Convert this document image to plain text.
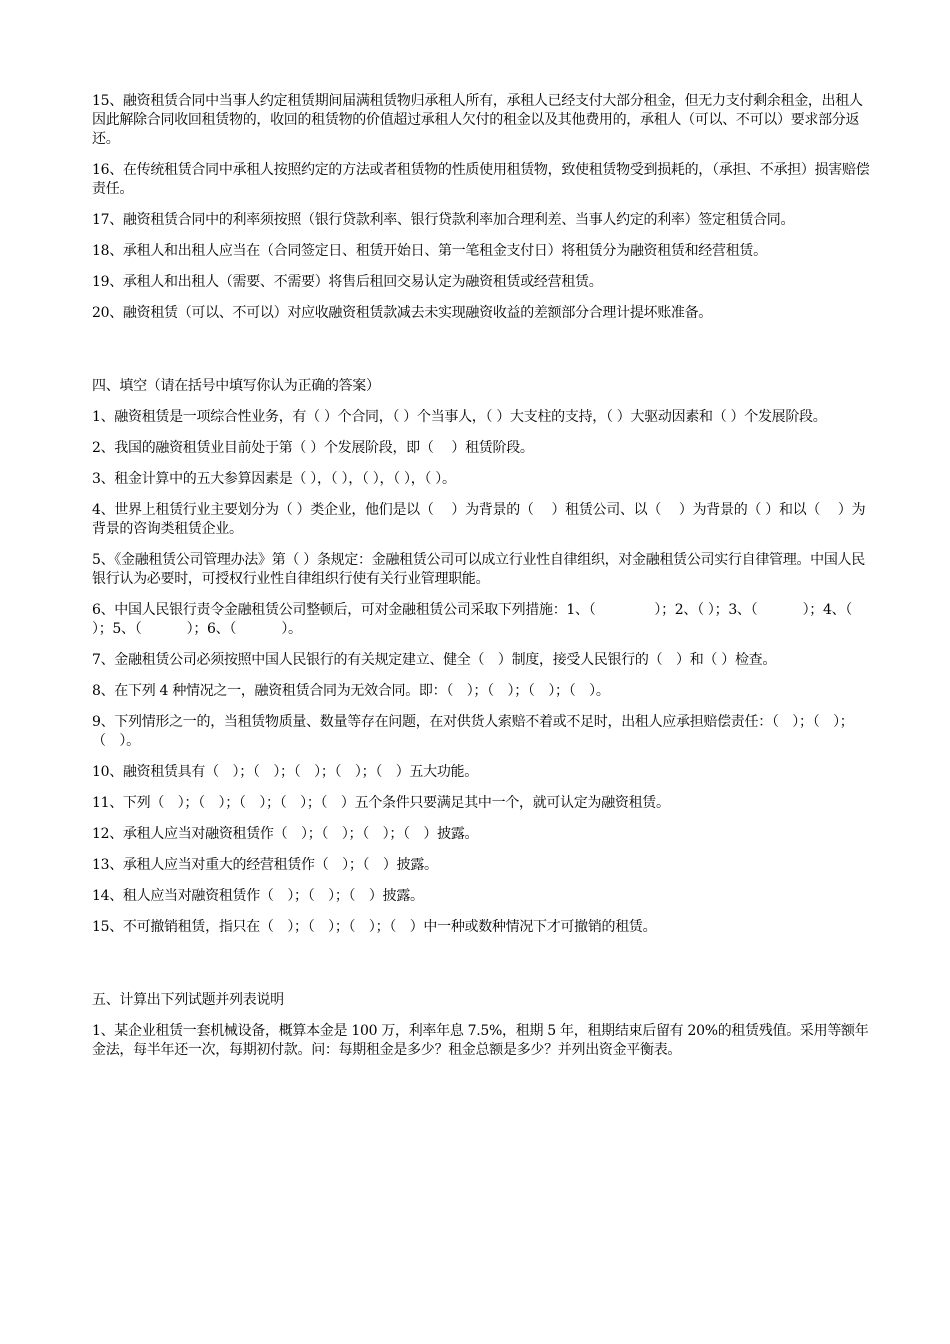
15、融资租赁合同中当事人约定租赁期间届满租赁物归承租人所有，承租人已经支付大部分租金，但无力支付剩余租金，出租人因此解除合同收回租赁物的，收回的租赁物的价值超过承租人欠付的租金以及其他费用的，承租人（可以、不可以）要求部分返还。

16、在传统租赁合同中承租人按照约定的方法或者租赁物的性质使用租赁物，致使租赁物受到损耗的，（承担、不承担）损害赔偿责任。

17、融资租赁合同中的利率须按照（银行贷款利率、银行贷款利率加合理利差、当事人约定的利率）签定租赁合同。

18、承租人和出租人应当在（合同签定日、租赁开始日、第一笔租金支付日）将租赁分为融资租赁和经营租赁。

19、承租人和出租人（需要、不需要）将售后租回交易认定为融资租赁或经营租赁。

20、融资租赁（可以、不可以）对应收融资租赁款减去未实现融资收益的差额部分合理计提坏账准备。

四、填空（请在括号中填写你认为正确的答案）

1、融资租赁是一项综合性业务，有（ ）个合同，（ ）个当事人，（ ）大支柱的支持，（ ）大驱动因素和（ ）个发展阶段。

2、我国的融资租赁业目前处于第（ ）个发展阶段，即（　 ）租赁阶段。

3、租金计算中的五大参算因素是（ ），（ ），（ ），（ ），（ ）。

4、世界上租赁行业主要划分为（ ）类企业，他们是以（　 ）为背景的（　 ）租赁公司、以（　 ）为背景的（ ）和以（　 ）为背景的咨询类租赁企业。

5、《金融租赁公司管理办法》第（ ）条规定：金融租赁公司可以成立行业性自律组织，对金融租赁公司实行自律管理。中国人民银行认为必要时，可授权行业性自律组织行使有关行业管理职能。

6、中国人民银行责令金融租赁公司整顿后，可对金融租赁公司采取下列措施：1、（　　　　 ）；2、（ ）；3、（　　　 ）；4、（　　　 ）；5、（　　　 ）；6、（　　　 ）。

7、金融租赁公司必须按照中国人民银行的有关规定建立、健全（　）制度，接受人民银行的（　）和（ ）检查。

8、在下列 4 种情况之一，融资租赁合同为无效合同。即：（　）；（　）；（　）；（　）。

9、下列情形之一的，当租赁物质量、数量等存在问题，在对供货人索赔不着或不足时，出租人应承担赔偿责任：（　）；（　）；（　）。

10、融资租赁具有（　）；（　）；（　）；（　）；（　）五大功能。

11、下列（　）；（　）；（　）；（　）；（　）五个条件只要满足其中一个，就可认定为融资租赁。

12、承租人应当对融资租赁作（　）；（　）；（　）；（　）披露。

13、承租人应当对重大的经营租赁作（　）；（　）披露。

14、租人应当对融资租赁作（　）；（　）；（　）披露。

15、不可撤销租赁，指只在（　）；（　）；（　）；（　）中一种或数种情况下才可撤销的租赁。

五、计算出下列试题并列表说明

1、某企业租赁一套机械设备，概算本金是 100 万，利率年息 7.5%，租期 5 年，租期结束后留有 20%的租赁残值。采用等额年金法，每半年还一次，每期初付款。问：每期租金是多少？租金总额是多少？并列出资金平衡表。
